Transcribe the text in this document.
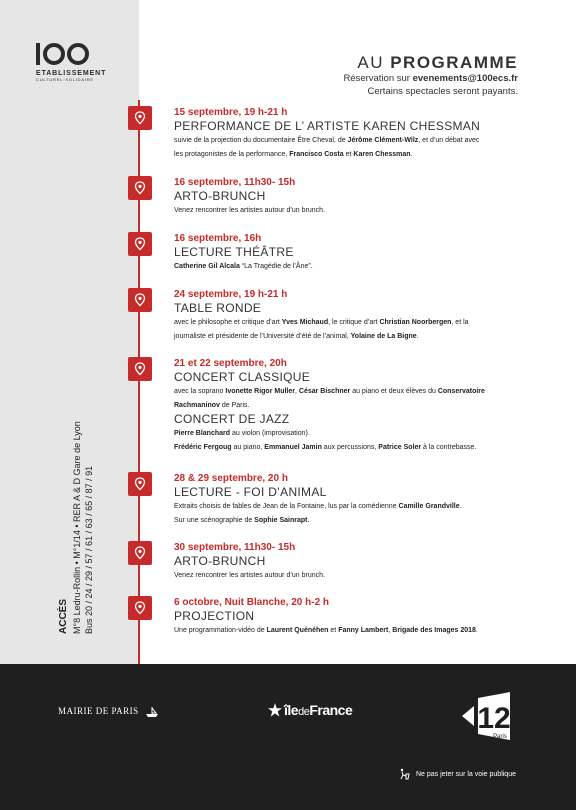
ETABLISSEMENT
CULTUREL·SOLIDAIRE
ACCÈS M°8 Ledru-Rollin • M°1/14 • RER A & D Gare de Lyon Bus 20 / 24 / 29 / 57 / 61 / 63 / 65 / 87 / 91
AU PROGRAMME
Réservation sur evenements@100ecs.fr
Certains spectacles seront payants.
15 septembre, 19 h-21 h
PERFORMANCE DE L’ ARTISTE KAREN CHESSMAN
suivie de la projection du documentaire Être Cheval, de Jérôme Clément-Wilz, et d’un débat avec
les protagonistes de la performance, Francisco Costa et Karen Chessman.
16 septembre, 11h30- 15h
ARTO-BRUNCH
Venez rencontrer les artistes autour d’un brunch.
16 septembre, 16h
LECTURE THÉÂTRE
Catherine Gil Alcala “La Tragédie de l’Âne”.
24 septembre, 19 h-21 h
TABLE RONDE
avec le philosophe et critique d’art Yves Michaud, le critique d’art Christian Noorbergen, et la
journaliste et présidente de l’Université d’été de l’animal, Yolaine de La Bigne.
21 et 22 septembre, 20h
CONCERT CLASSIQUE
avec la soprano Ivonette Rigor Muller, César Bischner au piano et deux élèves du Conservatoire
Rachmaninov de Paris.
CONCERT DE JAZZ
Pierre Blanchard au violon (improvisation).
Frédéric Fergoug au piano, Emmanuel Jamin aux percussions, Patrice Soler à la contrebasse.
28 & 29 septembre, 20 h
LECTURE - FOI D’ANIMAL
Extraits choisis de fables de Jean de la Fontaine, lus par la comédienne Camille Grandville.
Sur une scénographie de Sophie Sainrapt.
30 septembre, 11h30- 15h
ARTO-BRUNCH
Venez rencontrer les artistes autour d’un brunch.
6 octobre, Nuit Blanche, 20 h-2 h
PROJECTION
Une programmation-vidéo de Laurent Quénéhen et Fanny Lambert, Brigade des Images 2018.
MAIRIE DE PARIS	îledeFrance	12
Paris
Ne pas jeter sur la voie publique
